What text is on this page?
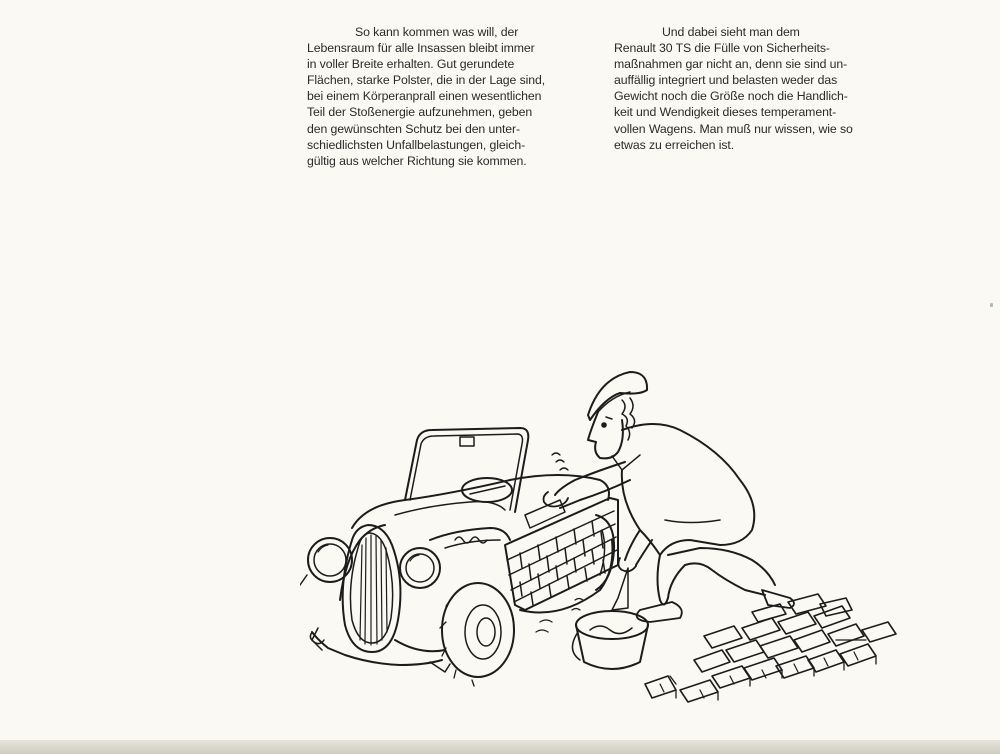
So kann kommen was will, der
Lebensraum für alle Insassen bleibt immer
in voller Breite erhalten. Gut gerundete
Flächen, starke Polster, die in der Lage sind,
bei einem Körperanprall einen wesentlichen
Teil der Stoßenergie aufzunehmen, geben
den gewünschten Schutz bei den unter-
schiedlichsten Unfallbelastungen, gleich-
gültig aus welcher Richtung sie kommen.
Und dabei sieht man dem
Renault 30 TS die Fülle von Sicherheits-
maßnahmen gar nicht an, denn sie sind un-
auffällig integriert und belasten weder das
Gewicht noch die Größe noch die Handlich-
keit und Wendigkeit dieses temperament-
vollen Wagens. Man muß nur wissen, wie so
etwas zu erreichen ist.
